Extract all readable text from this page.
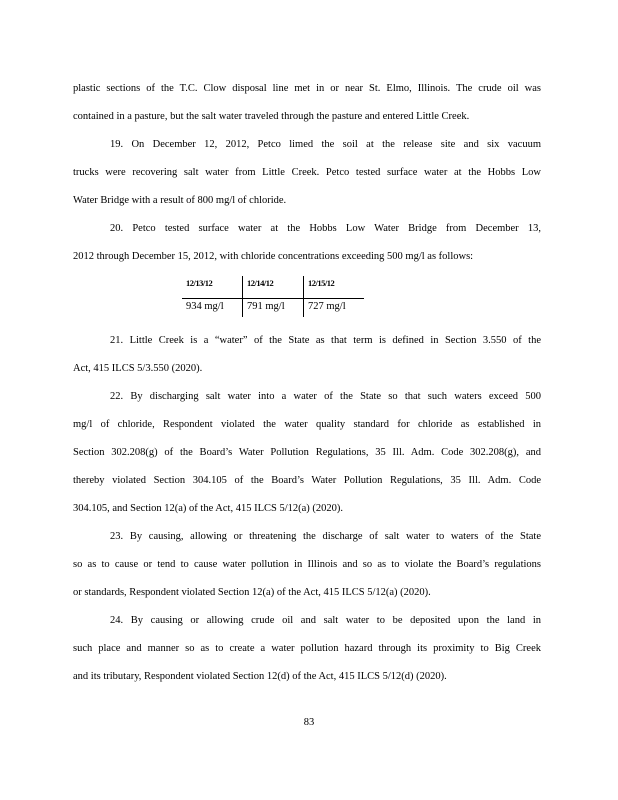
plastic sections of the T.C. Clow disposal line met in or near St. Elmo, Illinois. The crude oil was
contained in a pasture, but the salt water traveled through the pasture and entered Little Creek.
19. On December 12, 2012, Petco limed the soil at the release site and six vacuum
trucks were recovering salt water from Little Creek. Petco tested surface water at the Hobbs Low
Water Bridge with a result of 800 mg/l of chloride.
20. Petco tested surface water at the Hobbs Low Water Bridge from December 13,
2012 through December 15, 2012, with chloride concentrations exceeding 500 mg/l as follows:
12/13/12	12/14/12	12/15/12
934 mg/l	791 mg/l	727 mg/l
21. Little Creek is a “water” of the State as that term is defined in Section 3.550 of the
Act, 415 ILCS 5/3.550 (2020).
22. By discharging salt water into a water of the State so that such waters exceed 500
mg/l of chloride, Respondent violated the water quality standard for chloride as established in
Section 302.208(g) of the Board’s Water Pollution Regulations, 35 Ill. Adm. Code 302.208(g), and
thereby violated Section 304.105 of the Board’s Water Pollution Regulations, 35 Ill. Adm. Code
304.105, and Section 12(a) of the Act, 415 ILCS 5/12(a) (2020).
23. By causing, allowing or threatening the discharge of salt water to waters of the State
so as to cause or tend to cause water pollution in Illinois and so as to violate the Board’s regulations
or standards, Respondent violated Section 12(a) of the Act, 415 ILCS 5/12(a) (2020).
24. By causing or allowing crude oil and salt water to be deposited upon the land in
such place and manner so as to create a water pollution hazard through its proximity to Big Creek
and its tributary, Respondent violated Section 12(d) of the Act, 415 ILCS 5/12(d) (2020).
83
